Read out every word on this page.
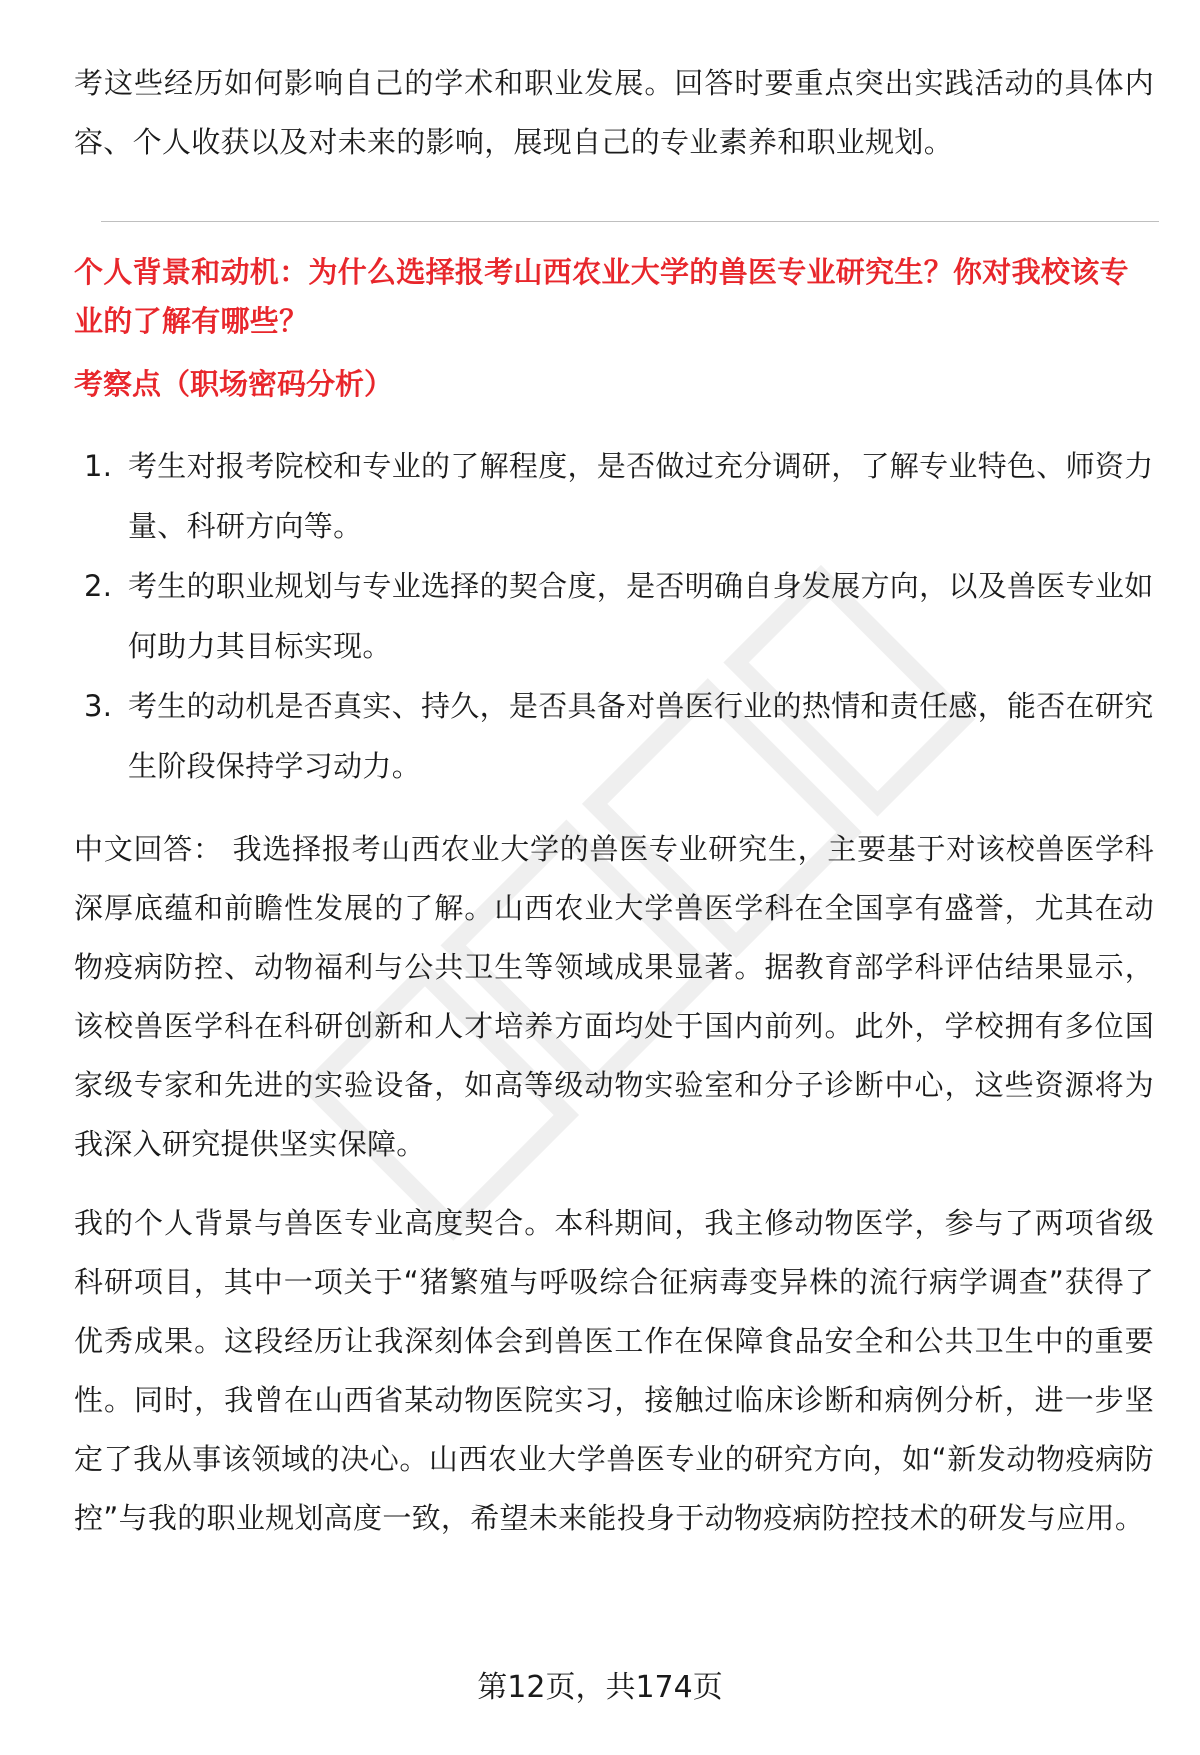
考这些经历如何影响自己的学术和职业发展。回答时要重点突出实践活动的具体内容、个人收获以及对未来的影响，展现自己的专业素养和职业规划。

个人背景和动机：为什么选择报考山西农业大学的兽医专业研究生？你对我校该专业的了解有哪些？

考察点（职场密码分析）

1. 考生对报考院校和专业的了解程度，是否做过充分调研，了解专业特色、师资力量、科研方向等。
2. 考生的职业规划与专业选择的契合度，是否明确自身发展方向，以及兽医专业如何助力其目标实现。
3. 考生的动机是否真实、持久，是否具备对兽医行业的热情和责任感，能否在研究生阶段保持学习动力。

中文回答： 我选择报考山西农业大学的兽医专业研究生，主要基于对该校兽医学科深厚底蕴和前瞻性发展的了解。山西农业大学兽医学科在全国享有盛誉，尤其在动物疫病防控、动物福利与公共卫生等领域成果显著。据教育部学科评估结果显示，该校兽医学科在科研创新和人才培养方面均处于国内前列。此外，学校拥有多位国家级专家和先进的实验设备，如高等级动物实验室和分子诊断中心，这些资源将为我深入研究提供坚实保障。

我的个人背景与兽医专业高度契合。本科期间，我主修动物医学，参与了两项省级科研项目，其中一项关于“猪繁殖与呼吸综合征病毒变异株的流行病学调查”获得了优秀成果。这段经历让我深刻体会到兽医工作在保障食品安全和公共卫生中的重要性。同时，我曾在山西省某动物医院实习，接触过临床诊断和病例分析，进一步坚定了我从事该领域的决心。山西农业大学兽医专业的研究方向，如“新发动物疫病防控”与我的职业规划高度一致，希望未来能投身于动物疫病防控技术的研发与应用。

第12页，共174页
